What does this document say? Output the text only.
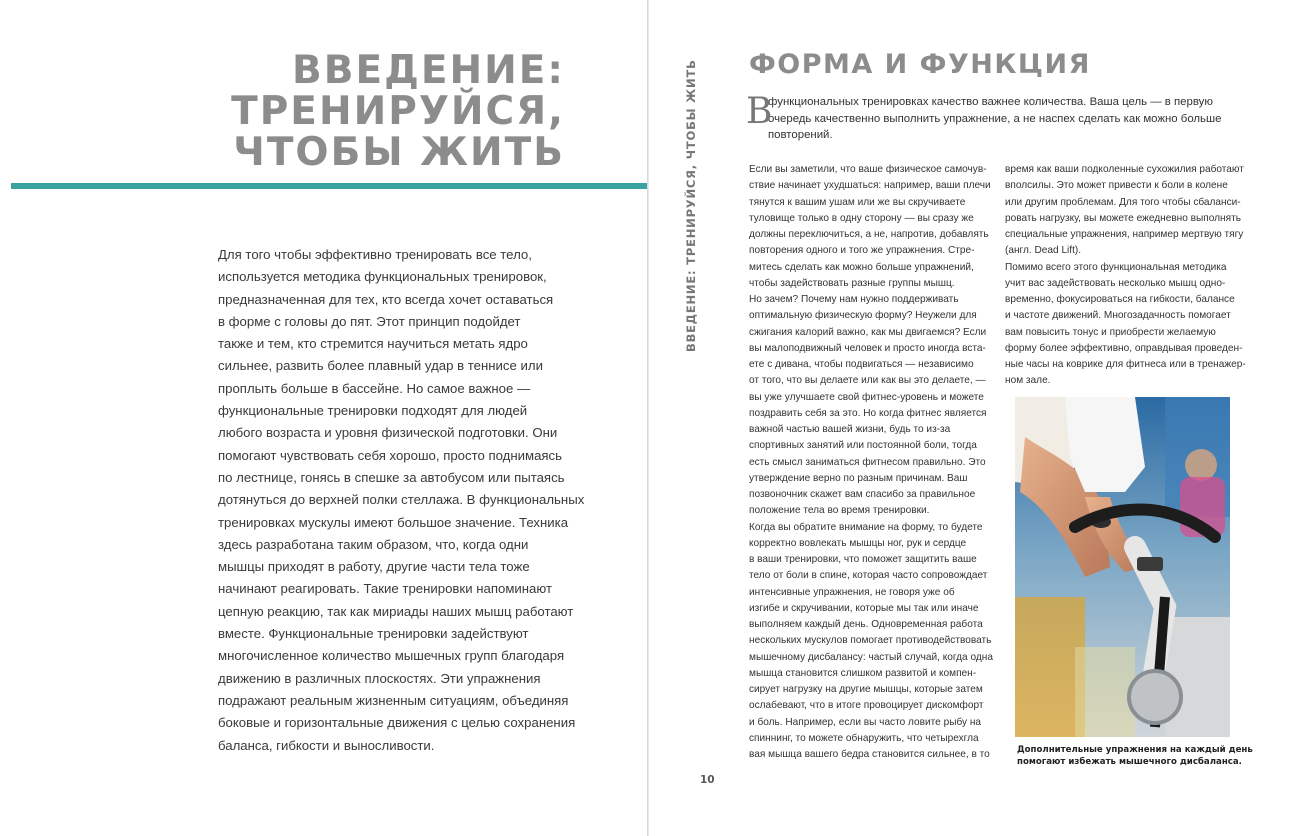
ВВЕДЕНИЕ:
ТРЕНИРУЙСЯ,
ЧТОБЫ ЖИТЬ
Для того чтобы эффективно тренировать все тело,
используется методика функциональных тренировок,
предназначенная для тех, кто всегда хочет оставаться
в форме с головы до пят. Этот принцип подойдет
также и тем, кто стремится научиться метать ядро
сильнее, развить более плавный удар в теннисе или
проплыть больше в бассейне. Но самое важное —
функциональные тренировки подходят для людей
любого возраста и уровня физической подготовки. Они
помогают чувствовать себя хорошо, просто поднимаясь
по лестнице, гонясь в спешке за автобусом или пытаясь
дотянуться до верхней полки стеллажа. В функциональных
тренировках мускулы имеют большое значение. Техника
здесь разработана таким образом, что, когда одни
мышцы приходят в работу, другие части тела тоже
начинают реагировать. Такие тренировки напоминают
цепную реакцию, так как мириады наших мышц работают
вместе. Функциональные тренировки задействуют
многочисленное количество мышечных групп благодаря
движению в различных плоскостях. Эти упражнения
подражают реальным жизненным ситуациям, объединяя
боковые и горизонтальные движения с целью сохранения
баланса, гибкости и выносливости.
ВВЕДЕНИЕ: ТРЕНИРУЙСЯ, ЧТОБЫ ЖИТЬ ФОРМА И ФУНКЦИЯ
В
функциональных тренировках качество важнее количества. Ваша цель — в первую
очередь качественно выполнить упражнение, а не наспех сделать как можно больше
повторений.
Если вы заметили, что ваше физическое самочув-
ствие начинает ухудшаться: например, ваши плечи
тянутся к вашим ушам или же вы скручиваете
туловище только в одну сторону — вы сразу же
должны переключиться, а не, напротив, добавлять
повторения одного и того же упражнения. Стре-
митесь сделать как можно больше упражнений,
чтобы задействовать разные группы мышц.
Но зачем? Почему нам нужно поддерживать
оптимальную физическую форму? Неужели для
сжигания калорий важно, как мы двигаемся? Если
вы малоподвижный человек и просто иногда вста-
ете с дивана, чтобы подвигаться — независимо
от того, что вы делаете или как вы это делаете, —
вы уже улучшаете свой фитнес-уровень и можете
поздравить себя за это. Но когда фитнес является
важной частью вашей жизни, будь то из-за
спортивных занятий или постоянной боли, тогда
есть смысл заниматься фитнесом правильно. Это
утверждение верно по разным причинам. Ваш
позвоночник скажет вам спасибо за правильное
положение тела во время тренировки.
Когда вы обратите внимание на форму, то будете
корректно вовлекать мышцы ног, рук и сердце
в ваши тренировки, что поможет защитить ваше
тело от боли в спине, которая часто сопровождает
интенсивные упражнения, не говоря уже об
изгибе и скручивании, которые мы так или иначе
выполняем каждый день. Одновременная работа
нескольких мускулов помогает противодействовать
мышечному дисбалансу: частый случай, когда одна
мышца становится слишком развитой и компен-
сирует нагрузку на другие мышцы, которые затем
ослабевают, что в итоге провоцирует дискомфорт
и боль. Например, если вы часто ловите рыбу на
спиннинг, то можете обнаружить, что четырехгла
вая мышца вашего бедра становится сильнее, в то
время как ваши подколенные сухожилия работают
вполсилы. Это может привести к боли в колене
или другим проблемам. Для того чтобы сбаланси-
ровать нагрузку, вы можете ежедневно выполнять
специальные упражнения, например мертвую тягу
(англ. Dead Lift).
Помимо всего этого функциональная методика
учит вас задействовать несколько мышц одно-
временно, фокусироваться на гибкости, балансе
и частоте движений. Многозадачность помогает
вам повысить тонус и приобрести желаемую
форму более эффективно, оправдывая проведен-
ные часы на коврике для фитнеса или в тренажер-
ном зале.
Дополнительные упражнения на каждый день
помогают избежать мышечного дисбаланса.
10
